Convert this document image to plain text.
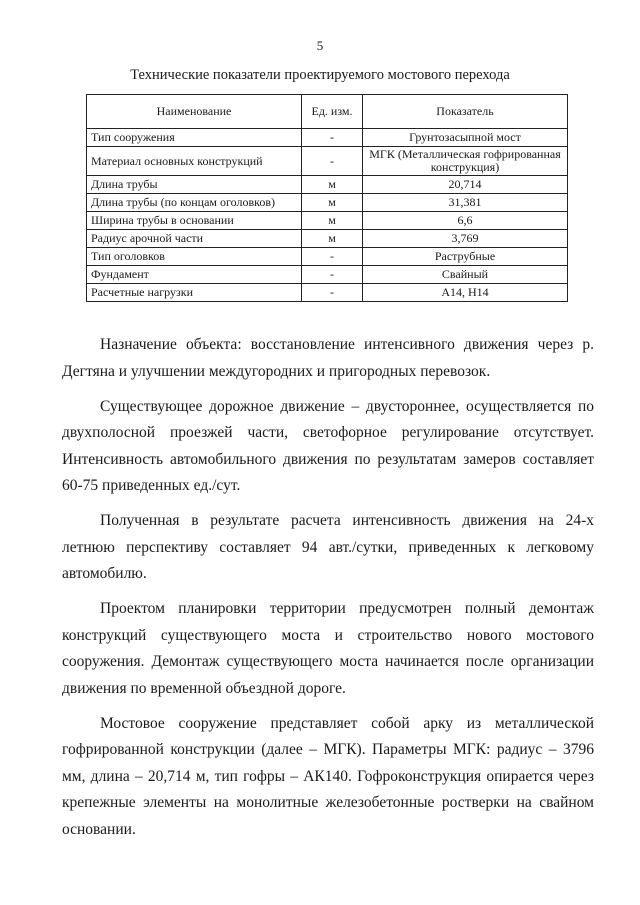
5
Технические показатели проектируемого мостового перехода
Наименование	Ед. изм.	Показатель
Тип сооружения	-	Грунтозасыпной мост
Материал основных конструкций	-	МГК (Металлическая гофрированная конструкция)
Длина трубы	м	20,714
Длина трубы (по концам оголовков)	м	31,381
Ширина трубы в основании	м	6,6
Радиус арочной части	м	3,769
Тип оголовков	-	Раструбные
Фундамент	-	Свайный
Расчетные нагрузки	-	А14, Н14

Назначение объекта: восстановление интенсивного движения через р. Дегтяна и улучшении междугородних и пригородных перевозок.

Существующее дорожное движение – двустороннее, осуществляется по двухполосной проезжей части, светофорное регулирование отсутствует. Интенсивность автомобильного движения по результатам замеров составляет 60-75 приведенных ед./сут.

Полученная в результате расчета интенсивность движения на 24-х летнюю перспективу составляет 94 авт./сутки, приведенных к легковому автомобилю.

Проектом планировки территории предусмотрен полный демонтаж конструкций существующего моста и строительство нового мостового сооружения. Демонтаж существующего моста начинается после организации движения по временной объездной дороге.

Мостовое сооружение представляет собой арку из металлической гофрированной конструкции (далее – МГК). Параметры МГК: радиус – 3796 мм, длина – 20,714 м, тип гофры – АК140. Гофроконструкция опирается через крепежные элементы на монолитные железобетонные ростверки на свайном основании.
